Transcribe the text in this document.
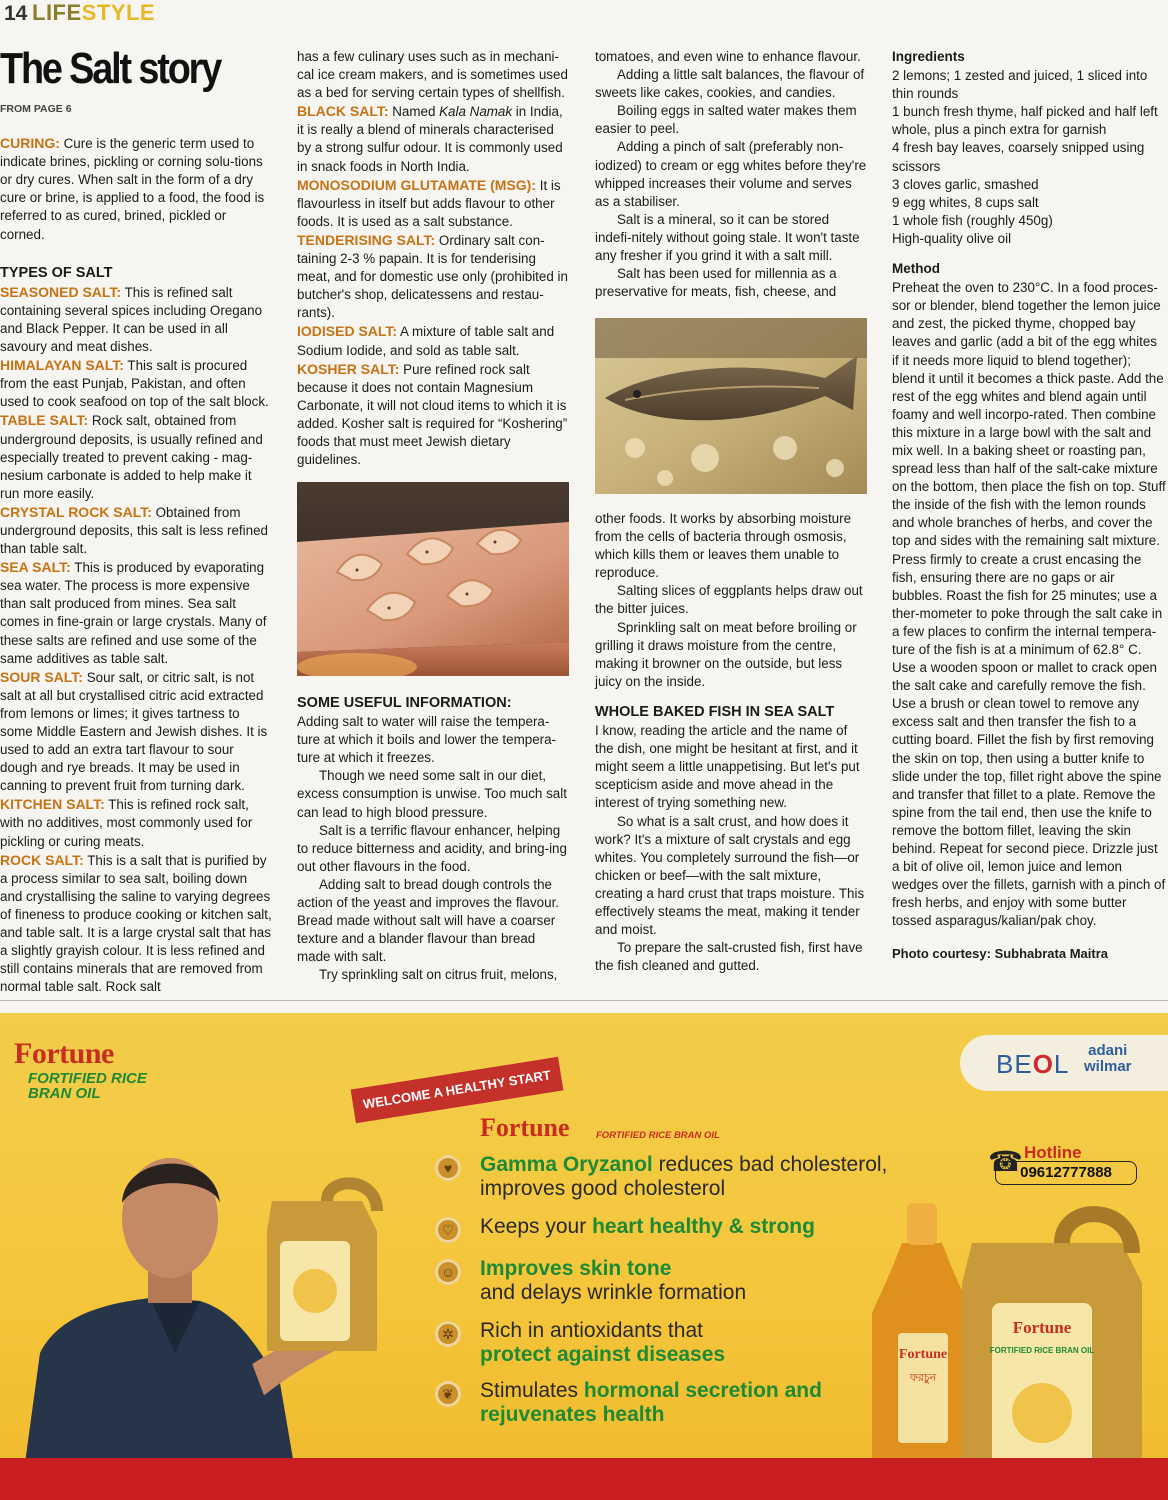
14 LIFESTYLE
The Salt story
FROM PAGE 6

CURING: Cure is the generic term used to indicate brines, pickling or corning solu-tions or dry cures. When salt in the form of a dry cure or brine, is applied to a food, the food is referred to as cured, brined, pickled or corned.

TYPES OF SALT

SEASONED SALT: This is refined salt containing several spices including Oregano and Black Pepper. It can be used in all savoury and meat dishes.

HIMALAYAN SALT: This salt is procured from the east Punjab, Pakistan, and often used to cook seafood on top of the salt block.

TABLE SALT: Rock salt, obtained from underground deposits, is usually refined and especially treated to prevent caking - mag-nesium carbonate is added to help make it run more easily.

CRYSTAL ROCK SALT: Obtained from underground deposits, this salt is less refined than table salt.

SEA SALT: This is produced by evaporating sea water. The process is more expensive than salt produced from mines. Sea salt comes in fine-grain or large crystals. Many of these salts are refined and use some of the same additives as table salt.

SOUR SALT: Sour salt, or citric salt, is not salt at all but crystallised citric acid extracted from lemons or limes; it gives tartness to some Middle Eastern and Jewish dishes. It is used to add an extra tart flavour to sour dough and rye breads. It may be used in canning to prevent fruit from turning dark.

KITCHEN SALT: This is refined rock salt, with no additives, most commonly used for pickling or curing meats.

ROCK SALT: This is a salt that is purified by a process similar to sea salt, boiling down and crystallising the saline to varying degrees of fineness to produce cooking or kitchen salt, and table salt. It is a large crystal salt that has a slightly grayish colour. It is less refined and still contains minerals that are removed from normal table salt. Rock salt

has a few culinary uses such as in mechani-cal ice cream makers, and is sometimes used as a bed for serving certain types of shellfish.

BLACK SALT: Named Kala Namak in India, it is really a blend of minerals characterised by a strong sulfur odour. It is commonly used in snack foods in North India.

MONOSODIUM GLUTAMATE (MSG): It is flavourless in itself but adds flavour to other foods. It is used as a salt substance.

TENDERISING SALT: Ordinary salt con-taining 2-3 % papain. It is for tenderising meat, and for domestic use only (prohibited in butcher's shop, delicatessens and restau-rants).

IODISED SALT: A mixture of table salt and Sodium Iodide, and sold as table salt.

KOSHER SALT: Pure refined rock salt because it does not contain Magnesium Carbonate, it will not cloud items to which it is added. Kosher salt is required for “Koshering” foods that must meet Jewish dietary guidelines.

SOME USEFUL INFORMATION:

Adding salt to water will raise the tempera-ture at which it boils and lower the tempera-ture at which it freezes.

Though we need some salt in our diet, excess consumption is unwise. Too much salt can lead to high blood pressure.

Salt is a terrific flavour enhancer, helping to reduce bitterness and acidity, and bring-ing out other flavours in the food.

Adding salt to bread dough controls the action of the yeast and improves the flavour. Bread made without salt will have a coarser texture and a blander flavour than bread made with salt.

Try sprinkling salt on citrus fruit, melons,

tomatoes, and even wine to enhance flavour.

Adding a little salt balances, the flavour of sweets like cakes, cookies, and candies.

Boiling eggs in salted water makes them easier to peel.

Adding a pinch of salt (preferably non-iodized) to cream or egg whites before they're whipped increases their volume and serves as a stabiliser.

Salt is a mineral, so it can be stored indefi-nitely without going stale. It won't taste any fresher if you grind it with a salt mill.

Salt has been used for millennia as a preservative for meats, fish, cheese, and

other foods. It works by absorbing moisture from the cells of bacteria through osmosis, which kills them or leaves them unable to reproduce.

Salting slices of eggplants helps draw out the bitter juices.

Sprinkling salt on meat before broiling or grilling it draws moisture from the centre, making it browner on the outside, but less juicy on the inside.

WHOLE BAKED FISH IN SEA SALT

I know, reading the article and the name of the dish, one might be hesitant at first, and it might seem a little unappetising. But let's put scepticism aside and move ahead in the interest of trying something new.

So what is a salt crust, and how does it work? It's a mixture of salt crystals and egg whites. You completely surround the fish—or chicken or beef—with the salt mixture, creating a hard crust that traps moisture. This effectively steams the meat, making it tender and moist.

To prepare the salt-crusted fish, first have the fish cleaned and gutted.

Ingredients

2 lemons; 1 zested and juiced, 1 sliced into thin rounds

1 bunch fresh thyme, half picked and half left whole, plus a pinch extra for garnish

4 fresh bay leaves, coarsely snipped using scissors

3 cloves garlic, smashed

9 egg whites, 8 cups salt

1 whole fish (roughly 450g)

High-quality olive oil

Method

Preheat the oven to 230°C. In a food proces-sor or blender, blend together the lemon juice and zest, the picked thyme, chopped bay leaves and garlic (add a bit of the egg whites if it needs more liquid to blend together); blend it until it becomes a thick paste. Add the rest of the egg whites and blend again until foamy and well incorpo-rated. Then combine this mixture in a large bowl with the salt and mix well. In a baking sheet or roasting pan, spread less than half of the salt-cake mixture on the bottom, then place the fish on top. Stuff the inside of the fish with the lemon rounds and whole branches of herbs, and cover the top and sides with the remaining salt mixture. Press firmly to create a crust encasing the fish, ensuring there are no gaps or air bubbles. Roast the fish for 25 minutes; use a ther-mometer to poke through the salt cake in a few places to confirm the internal tempera-ture of the fish is at a minimum of 62.8° C. Use a wooden spoon or mallet to crack open the salt cake and carefully remove the fish. Use a brush or clean towel to remove any excess salt and then transfer the fish to a cutting board. Fillet the fish by first removing the skin on top, then using a butter knife to slide under the top, fillet right above the spine and transfer that fillet to a plate. Remove the spine from the tail end, then use the knife to remove the bottom fillet, leaving the skin behind. Repeat for second piece. Drizzle just a bit of olive oil, lemon juice and lemon wedges over the fillets, garnish with a pinch of fresh herbs, and enjoy with some butter tossed asparagus/kalian/pak choy.

Photo courtesy: Subhabrata Maitra
Fortune
FORTIFIED RICE BRAN OIL	WELCOME A HEALTHY START
Fortune	FORTIFIED RICE BRAN OIL
♥	Gamma Oryzanol reduces bad cholesterol, improves good cholesterol
♡	Keeps your heart healthy & strong
☺ Improves skin tone
and delays wrinkle formation
✲	Rich in antioxidants that
protect against diseases
❦	Stimulates hormonal secretion and rejuvenates health
BEOL adani
wilmar
☎ Hotline
09612777888
Fortune
ফরচুন
Fortune
FORTIFIED RICE BRAN OIL
